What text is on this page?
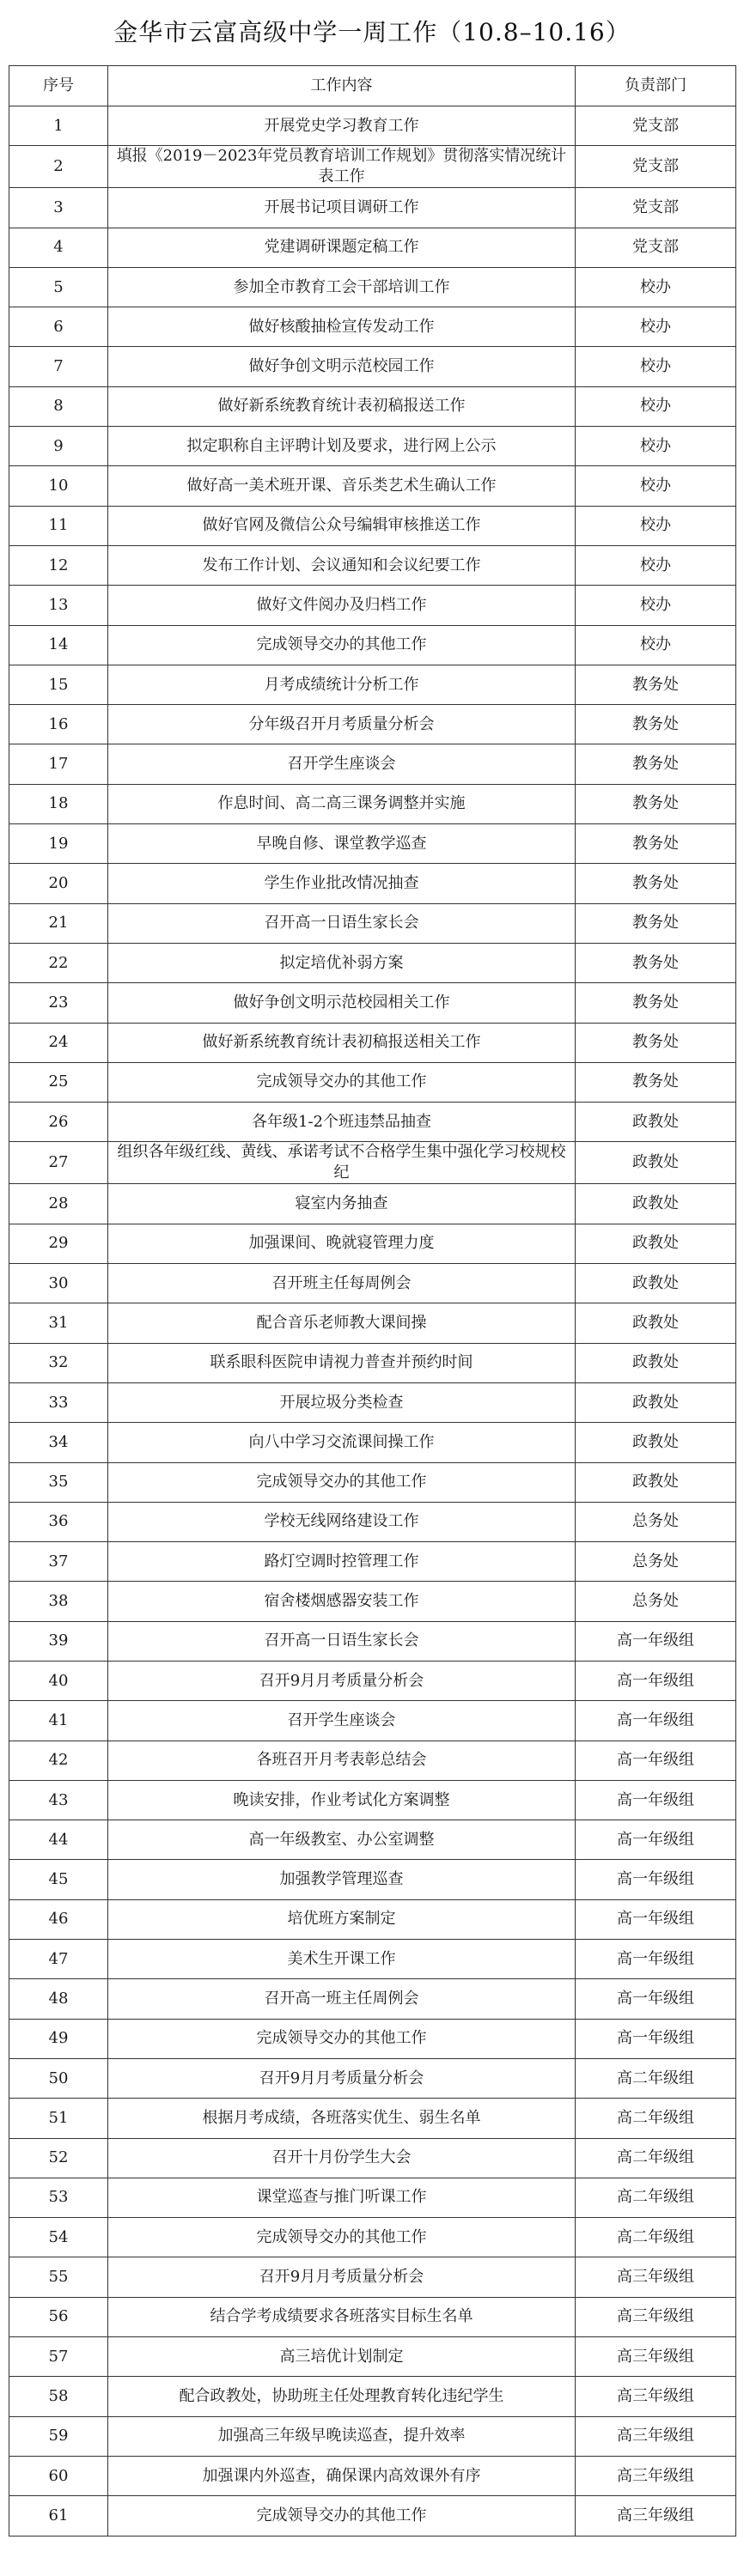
金华市云富高级中学一周工作（10.8–10.16）
序号	工作内容	负责部门
1	开展党史学习教育工作	党支部
2	填报《2019－2023年党员教育培训工作规划》贯彻落实情况统计表工作	党支部
3	开展书记项目调研工作	党支部
4	党建调研课题定稿工作	党支部
5	参加全市教育工会干部培训工作	校办
6	做好核酸抽检宣传发动工作	校办
7	做好争创文明示范校园工作	校办
8	做好新系统教育统计表初稿报送工作	校办
9	拟定职称自主评聘计划及要求，进行网上公示	校办
10	做好高一美术班开课、音乐类艺术生确认工作	校办
11	做好官网及微信公众号编辑审核推送工作	校办
12	发布工作计划、会议通知和会议纪要工作	校办
13	做好文件阅办及归档工作	校办
14	完成领导交办的其他工作	校办
15	月考成绩统计分析工作	教务处
16	分年级召开月考质量分析会	教务处
17	召开学生座谈会	教务处
18	作息时间、高二高三课务调整并实施	教务处
19	早晚自修、课堂教学巡查	教务处
20	学生作业批改情况抽查	教务处
21	召开高一日语生家长会	教务处
22	拟定培优补弱方案	教务处
23	做好争创文明示范校园相关工作	教务处
24	做好新系统教育统计表初稿报送相关工作	教务处
25	完成领导交办的其他工作	教务处
26	各年级1-2个班违禁品抽查	政教处
27	组织各年级红线、黄线、承诺考试不合格学生集中强化学习校规校纪	政教处
28	寝室内务抽查	政教处
29	加强课间、晚就寝管理力度	政教处
30	召开班主任每周例会	政教处
31	配合音乐老师教大课间操	政教处
32	联系眼科医院申请视力普查并预约时间	政教处
33	开展垃圾分类检查	政教处
34	向八中学习交流课间操工作	政教处
35	完成领导交办的其他工作	政教处
36	学校无线网络建设工作	总务处
37	路灯空调时控管理工作	总务处
38	宿舍楼烟感器安装工作	总务处
39	召开高一日语生家长会	高一年级组
40	召开9月月考质量分析会	高一年级组
41	召开学生座谈会	高一年级组
42	各班召开月考表彰总结会	高一年级组
43	晚读安排，作业考试化方案调整	高一年级组
44	高一年级教室、办公室调整	高一年级组
45	加强教学管理巡查	高一年级组
46	培优班方案制定	高一年级组
47	美术生开课工作	高一年级组
48	召开高一班主任周例会	高一年级组
49	完成领导交办的其他工作	高一年级组
50	召开9月月考质量分析会	高二年级组
51	根据月考成绩，各班落实优生、弱生名单	高二年级组
52	召开十月份学生大会	高二年级组
53	课堂巡查与推门听课工作	高二年级组
54	完成领导交办的其他工作	高二年级组
55	召开9月月考质量分析会	高三年级组
56	结合学考成绩要求各班落实目标生名单	高三年级组
57	高三培优计划制定	高三年级组
58	配合政教处，协助班主任处理教育转化违纪学生	高三年级组
59	加强高三年级早晚读巡查，提升效率	高三年级组
60	加强课内外巡查，确保课内高效课外有序	高三年级组
61	完成领导交办的其他工作	高三年级组
